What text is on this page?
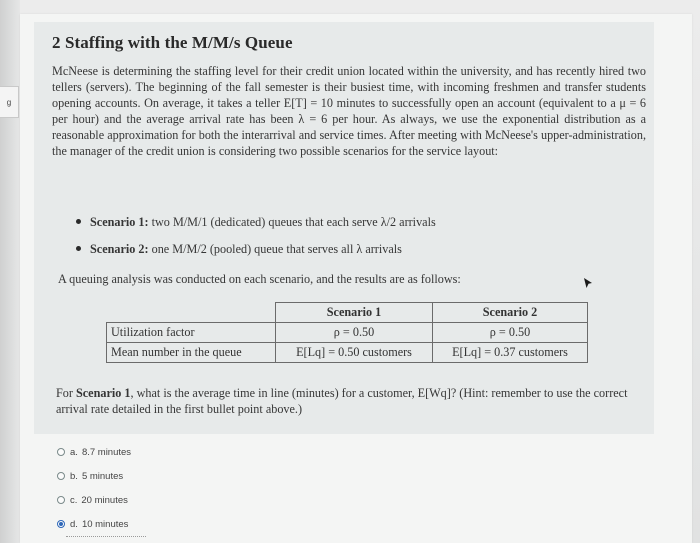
g
2 Staffing with the M/M/s Queue
McNeese is determining the staffing level for their credit union located within the university, and has recently hired two tellers (servers). The beginning of the fall semester is their busiest time, with incoming freshmen and transfer students opening accounts. On average, it takes a teller E[T] = 10 minutes to successfully open an account (equivalent to a μ = 6 per hour) and the average arrival rate has been λ = 6 per hour. As always, we use the exponential distribution as a reasonable approximation for both the interarrival and service times. After meeting with McNeese's upper-administration, the manager of the credit union is considering two possible scenarios for the service layout:
Scenario 1: two M/M/1 (dedicated) queues that each serve λ/2 arrivals
Scenario 2: one M/M/2 (pooled) queue that serves all λ arrivals
A queuing analysis was conducted on each scenario, and the results are as follows:
	Scenario 1	Scenario 2
Utilization factor	ρ = 0.50	ρ = 0.50
Mean number in the queue	E[Lq] = 0.50 customers	E[Lq] = 0.37 customers
For Scenario 1, what is the average time in line (minutes) for a customer, E[Wq]? (Hint: remember to use the correct arrival rate detailed in the first bullet point above.)
a. 8.7 minutes
b. 5 minutes
c. 20 minutes
d. 10 minutes
